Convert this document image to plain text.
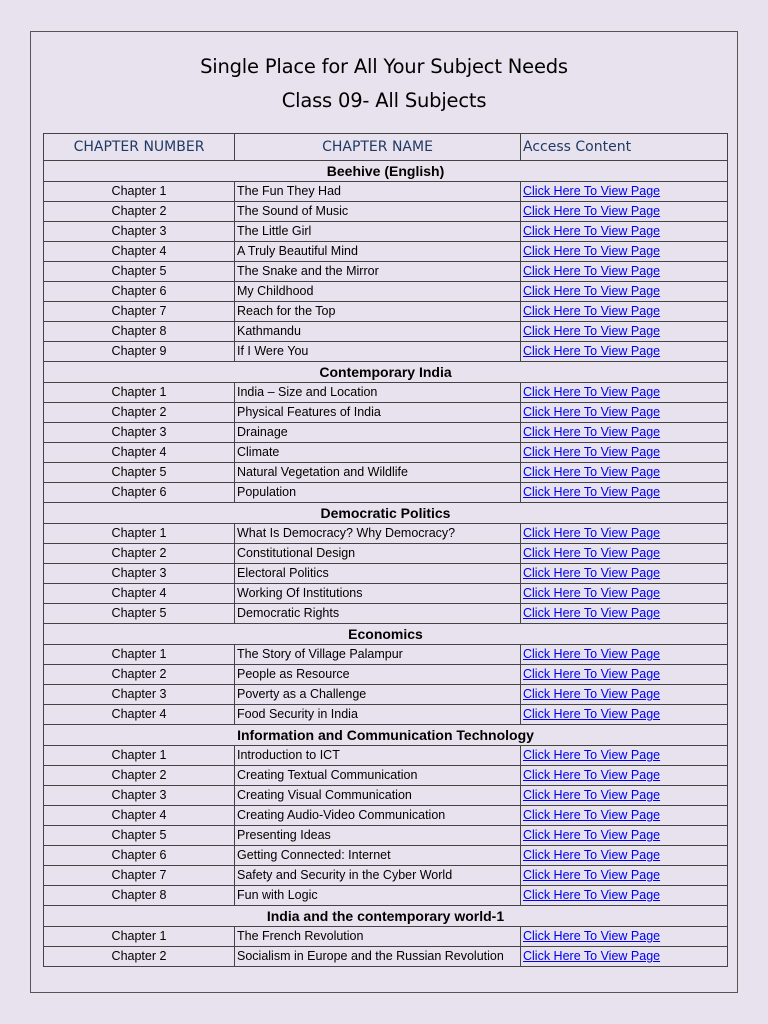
Single Place for All Your Subject Needs
Class 09- All Subjects
CHAPTER NUMBER	CHAPTER NAME	Access Content
Beehive (English)		
Chapter 1	The Fun They Had	Click Here To View Page
Chapter 2	The Sound of Music	Click Here To View Page
Chapter 3	The Little Girl	Click Here To View Page
Chapter 4	A Truly Beautiful Mind	Click Here To View Page
Chapter 5	The Snake and the Mirror	Click Here To View Page
Chapter 6	My Childhood	Click Here To View Page
Chapter 7	Reach for the Top	Click Here To View Page
Chapter 8	Kathmandu	Click Here To View Page
Chapter 9	If I Were You	Click Here To View Page
Contemporary India		
Chapter 1	India – Size and Location	Click Here To View Page
Chapter 2	Physical Features of India	Click Here To View Page
Chapter 3	Drainage	Click Here To View Page
Chapter 4	Climate	Click Here To View Page
Chapter 5	Natural Vegetation and Wildlife	Click Here To View Page
Chapter 6	Population	Click Here To View Page
Democratic Politics		
Chapter 1	What Is Democracy? Why Democracy?	Click Here To View Page
Chapter 2	Constitutional Design	Click Here To View Page
Chapter 3	Electoral Politics	Click Here To View Page
Chapter 4	Working Of Institutions	Click Here To View Page
Chapter 5	Democratic Rights	Click Here To View Page
Economics		
Chapter 1	The Story of Village Palampur	Click Here To View Page
Chapter 2	People as Resource	Click Here To View Page
Chapter 3	Poverty as a Challenge	Click Here To View Page
Chapter 4	Food Security in India	Click Here To View Page
Information and Communication Technology		
Chapter 1	Introduction to ICT	Click Here To View Page
Chapter 2	Creating Textual Communication	Click Here To View Page
Chapter 3	Creating Visual Communication	Click Here To View Page
Chapter 4	Creating Audio-Video Communication	Click Here To View Page
Chapter 5	Presenting Ideas	Click Here To View Page
Chapter 6	Getting Connected: Internet	Click Here To View Page
Chapter 7	Safety and Security in the Cyber World	Click Here To View Page
Chapter 8	Fun with Logic	Click Here To View Page
India and the contemporary world-1		
Chapter 1	The French Revolution	Click Here To View Page
Chapter 2	Socialism in Europe and the Russian Revolution	Click Here To View Page
